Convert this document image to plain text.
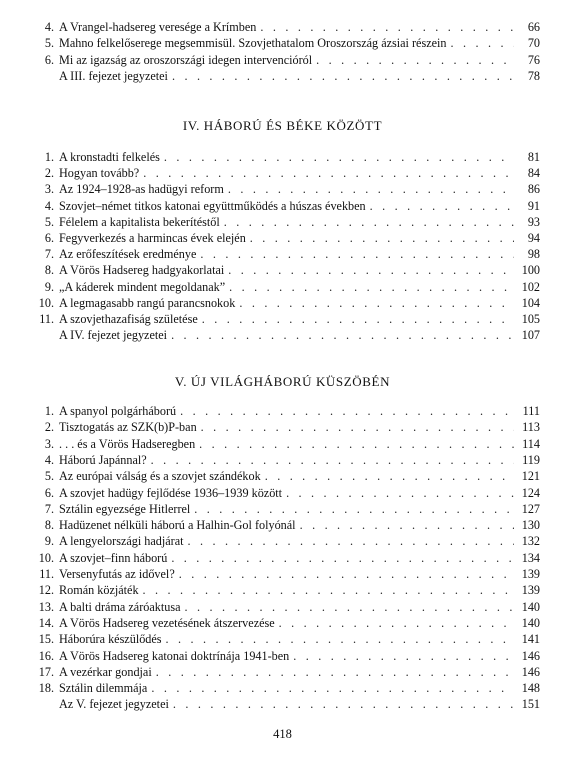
4. A Vrangel-hadsereg veresége a Krímben . . .	66
5. Mahno felkelőserege megsemmisül. Szovjethatalom Oroszország ázsiai részein . . .	70
6. Mi az igazság az oroszországi idegen intervencióról . . .	76
A III. fejezet jegyzetei . . .	78
IV. HÁBORÚ ÉS BÉKE KÖZÖTT
1. A kronstadti felkelés . . .	81
2. Hogyan tovább? . . .	84
3. Az 1924–1928-as hadügyi reform . . .	86
4. Szovjet–német titkos katonai együttműködés a húszas években . . .	91
5. Félelem a kapitalista bekerítéstől . . .	93
6. Fegyverkezés a harmincas évek elején . . .	94
7. Az erőfeszítések eredménye . . .	98
8. A Vörös Hadsereg hadgyakorlatai . . .	100
9. „A káderek mindent megoldanak” . . .	102
10. A legmagasabb rangú parancsnokok . . .	104
11. A szovjethazafiság születése . . .	105
A IV. fejezet jegyzetei . . .	107
V. ÚJ VILÁGHÁBORÚ KÜSZÖBÉN
1. A spanyol polgárháború . . .	111
2. Tisztogatás az SZK(b)P-ban . . .	113
3. . . . és a Vörös Hadseregben . . .	114
4. Háború Japánnal? . . .	119
5. Az európai válság és a szovjet szándékok . . .	121
6. A szovjet hadügy fejlődése 1936–1939 között . . .	124
7. Sztálin egyezsége Hitlerrel . . .	127
8. Hadüzenet nélküli háború a Halhin-Gol folyónál . . .	130
9. A lengyelországi hadjárat . . .	132
10. A szovjet–finn háború . . .	134
11. Versenyfutás az idővel? . . .	139
12. Román közjáték . . .	139
13. A balti dráma záróaktusa . . .	140
14. A Vörös Hadsereg vezetésének átszervezése . . .	140
15. Háborúra készülődés . . .	141
16. A Vörös Hadsereg katonai doktrínája 1941-ben . . .	146
17. A vezérkar gondjai . . .	146
18. Sztálin dilemmája . . .	148
Az V. fejezet jegyzetei . . .	151
418
